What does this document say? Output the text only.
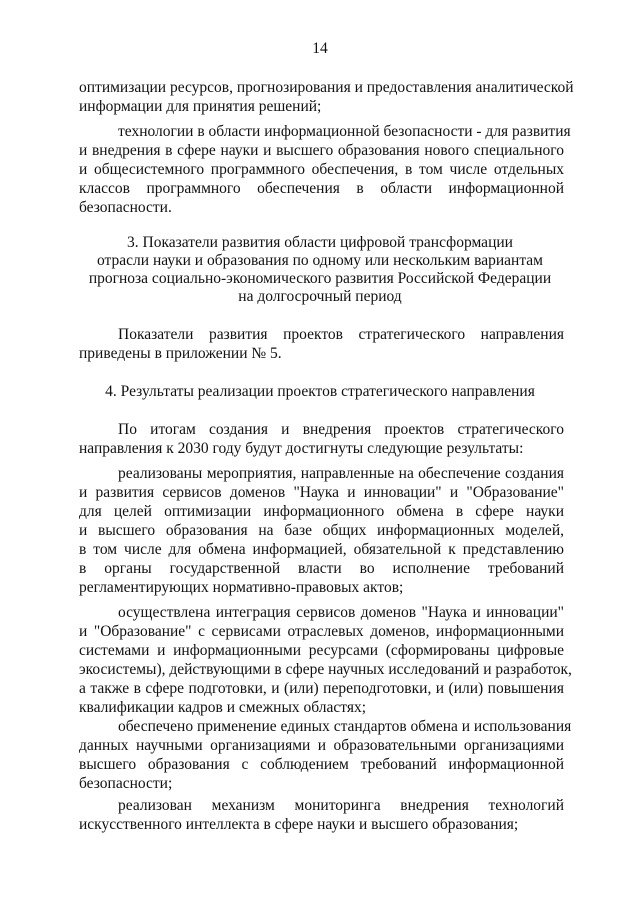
14
оптимизации ресурсов, прогнозирования и предоставления аналитической
информации для принятия решений;
технологии в области информационной безопасности - для развития
и внедрения в сфере науки и высшего образования нового специального
и общесистемного программного обеспечения, в том числе отдельных
классов программного обеспечения в области информационной
безопасности.
3. Показатели развития области цифровой трансформации
отрасли науки и образования по одному или нескольким вариантам
прогноза социально-экономического развития Российской Федерации
на долгосрочный период
Показатели развития проектов стратегического направления
приведены в приложении № 5.
4. Результаты реализации проектов стратегического направления
По итогам создания и внедрения проектов стратегического
направления к 2030 году будут достигнуты следующие результаты:
реализованы мероприятия, направленные на обеспечение создания
и развития сервисов доменов "Наука и инновации" и "Образование"
для целей оптимизации информационного обмена в сфере науки
и высшего образования на базе общих информационных моделей,
в том числе для обмена информацией, обязательной к представлению
в органы государственной власти во исполнение требований
регламентирующих нормативно-правовых актов;
осуществлена интеграция сервисов доменов "Наука и инновации"
и "Образование" с сервисами отраслевых доменов, информационными
системами и информационными ресурсами (сформированы цифровые
экосистемы), действующими в сфере научных исследований и разработок,
а также в сфере подготовки, и (или) переподготовки, и (или) повышения
квалификации кадров и смежных областях;
обеспечено применение единых стандартов обмена и использования
данных научными организациями и образовательными организациями
высшего образования с соблюдением требований информационной
безопасности;
реализован механизм мониторинга внедрения технологий
искусственного интеллекта в сфере науки и высшего образования;
